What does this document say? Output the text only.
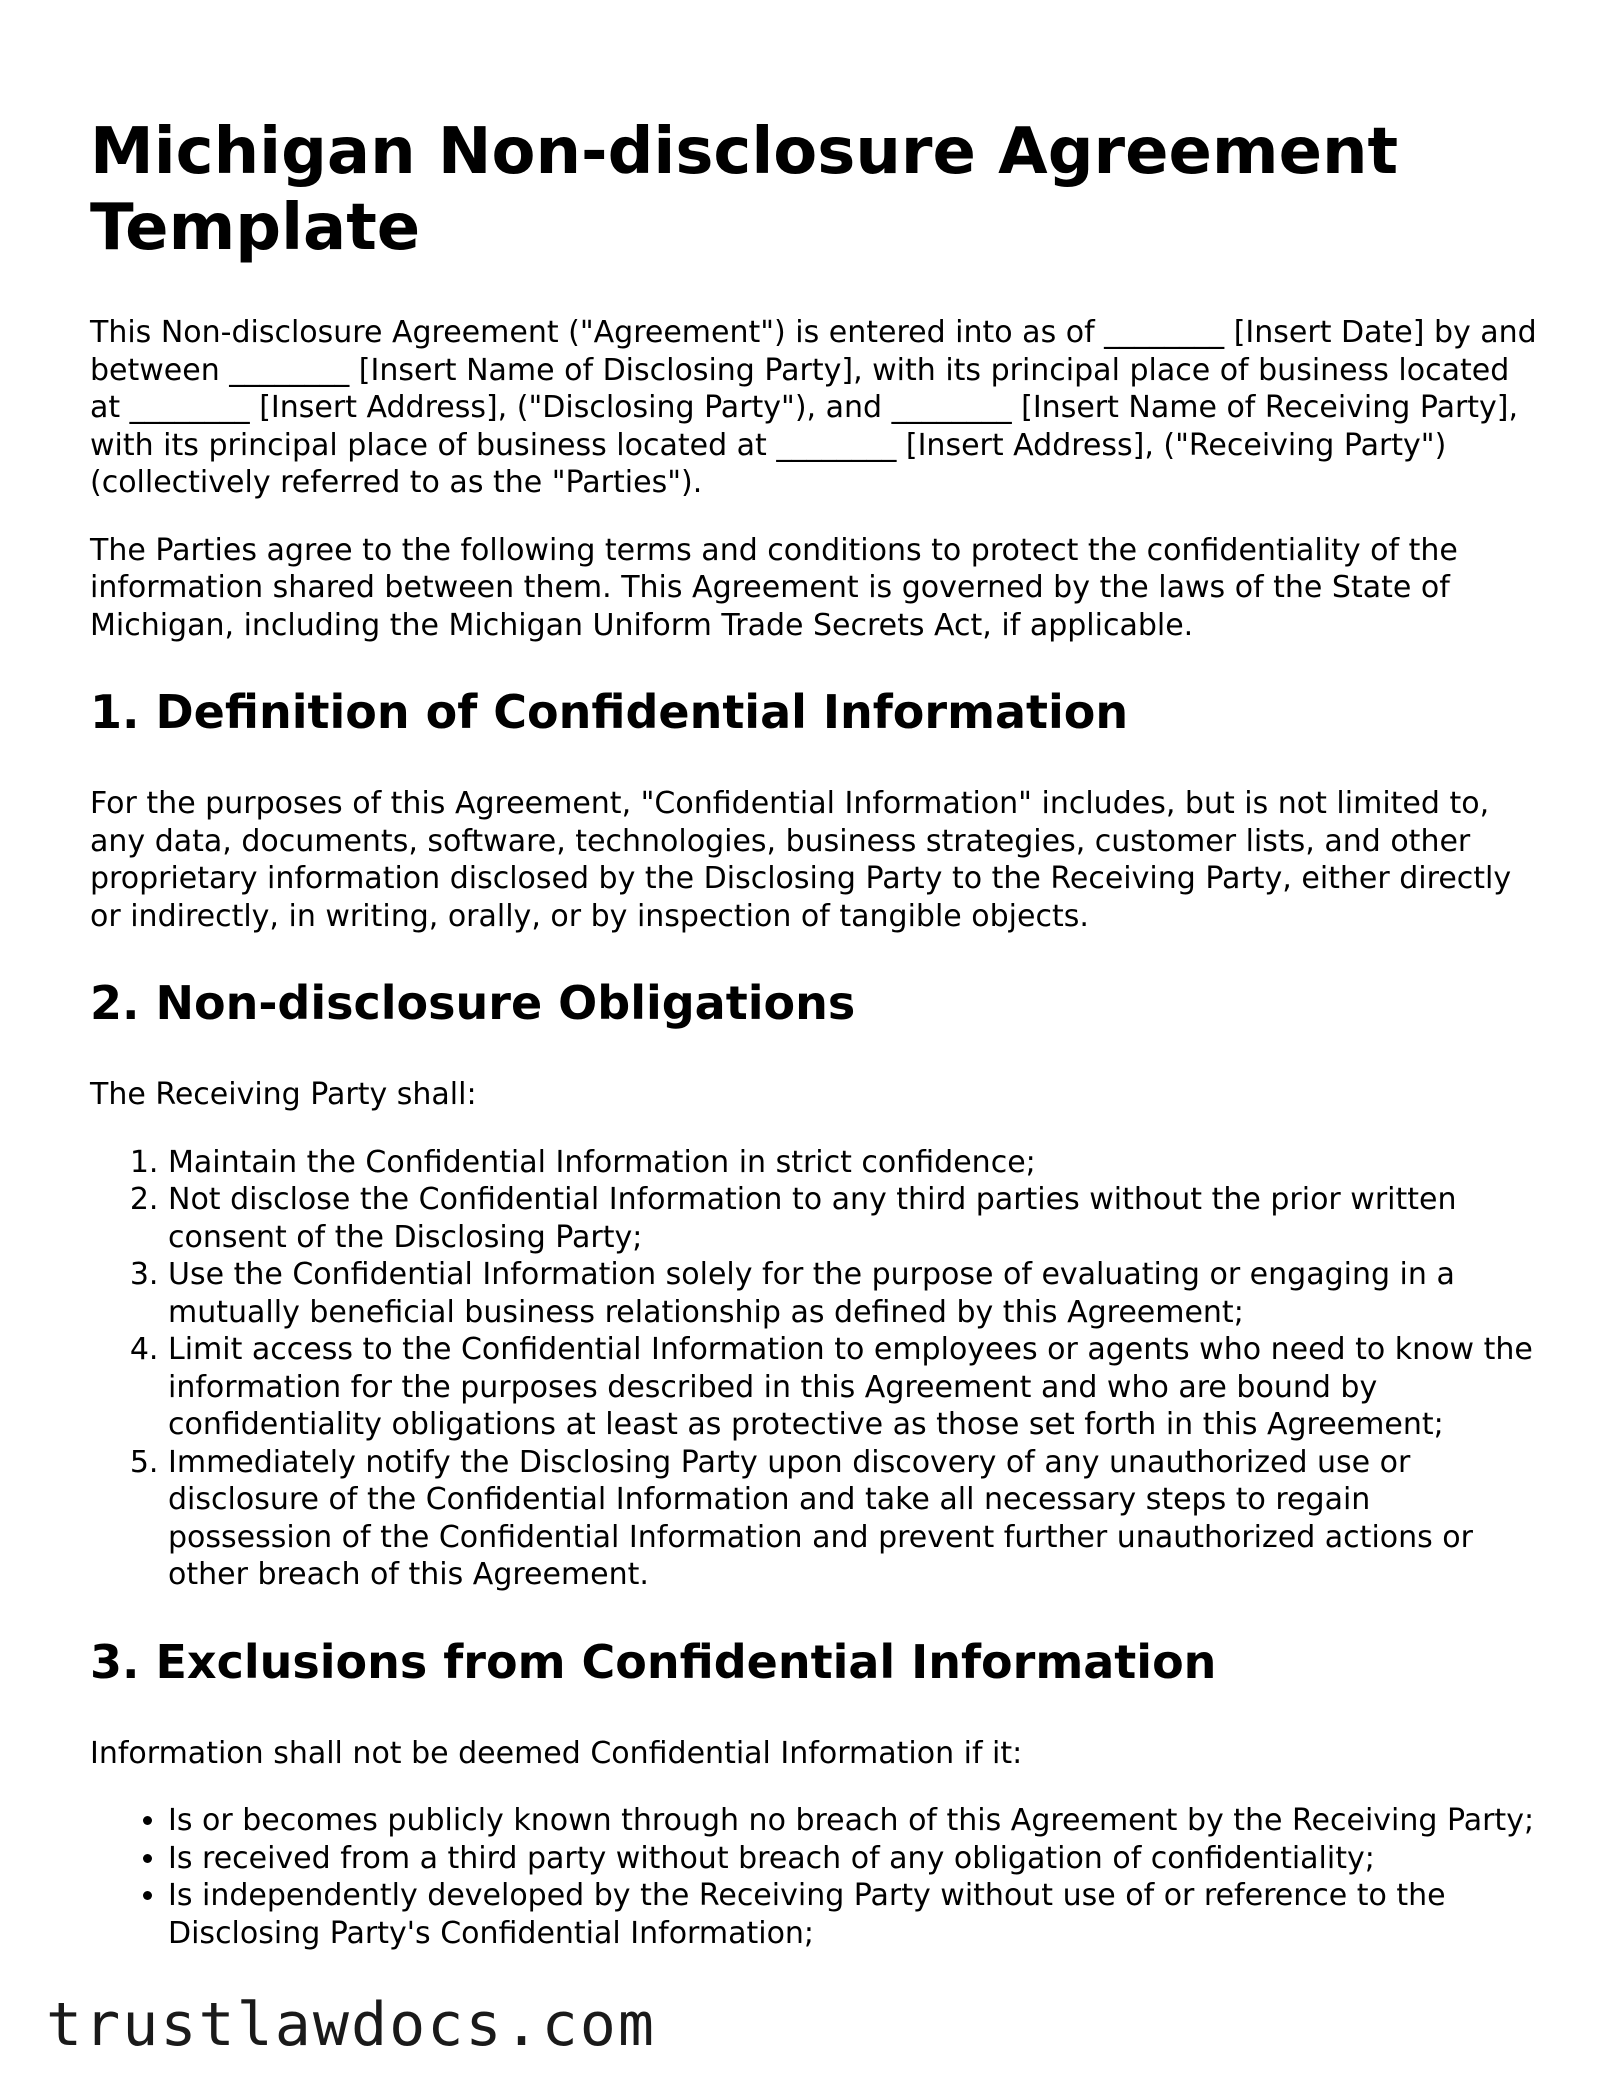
Michigan Non-disclosure Agreement Template

This Non-disclosure Agreement ("Agreement") is entered into as of ________ [Insert Date] by and between ________ [Insert Name of Disclosing Party], with its principal place of business located at ________ [Insert Address], ("Disclosing Party"), and ________ [Insert Name of Receiving Party], with its principal place of business located at ________ [Insert Address], ("Receiving Party") (collectively referred to as the "Parties").

The Parties agree to the following terms and conditions to protect the confidentiality of the information shared between them. This Agreement is governed by the laws of the State of Michigan, including the Michigan Uniform Trade Secrets Act, if applicable.

1. Definition of Confidential Information

For the purposes of this Agreement, "Confidential Information" includes, but is not limited to, any data, documents, software, technologies, business strategies, customer lists, and other proprietary information disclosed by the Disclosing Party to the Receiving Party, either directly or indirectly, in writing, orally, or by inspection of tangible objects.

2. Non-disclosure Obligations

The Receiving Party shall:

1. Maintain the Confidential Information in strict confidence;
2. Not disclose the Confidential Information to any third parties without the prior written consent of the Disclosing Party;
3. Use the Confidential Information solely for the purpose of evaluating or engaging in a mutually beneficial business relationship as defined by this Agreement;
4. Limit access to the Confidential Information to employees or agents who need to know the information for the purposes described in this Agreement and who are bound by confidentiality obligations at least as protective as those set forth in this Agreement;
5. Immediately notify the Disclosing Party upon discovery of any unauthorized use or disclosure of the Confidential Information and take all necessary steps to regain possession of the Confidential Information and prevent further unauthorized actions or other breach of this Agreement.
3. Exclusions from Confidential Information

Information shall not be deemed Confidential Information if it:

• Is or becomes publicly known through no breach of this Agreement by the Receiving Party;
• Is received from a third party without breach of any obligation of confidentiality;
• Is independently developed by the Receiving Party without use of or reference to the Disclosing Party's Confidential Information;
trustlawdocs.com
